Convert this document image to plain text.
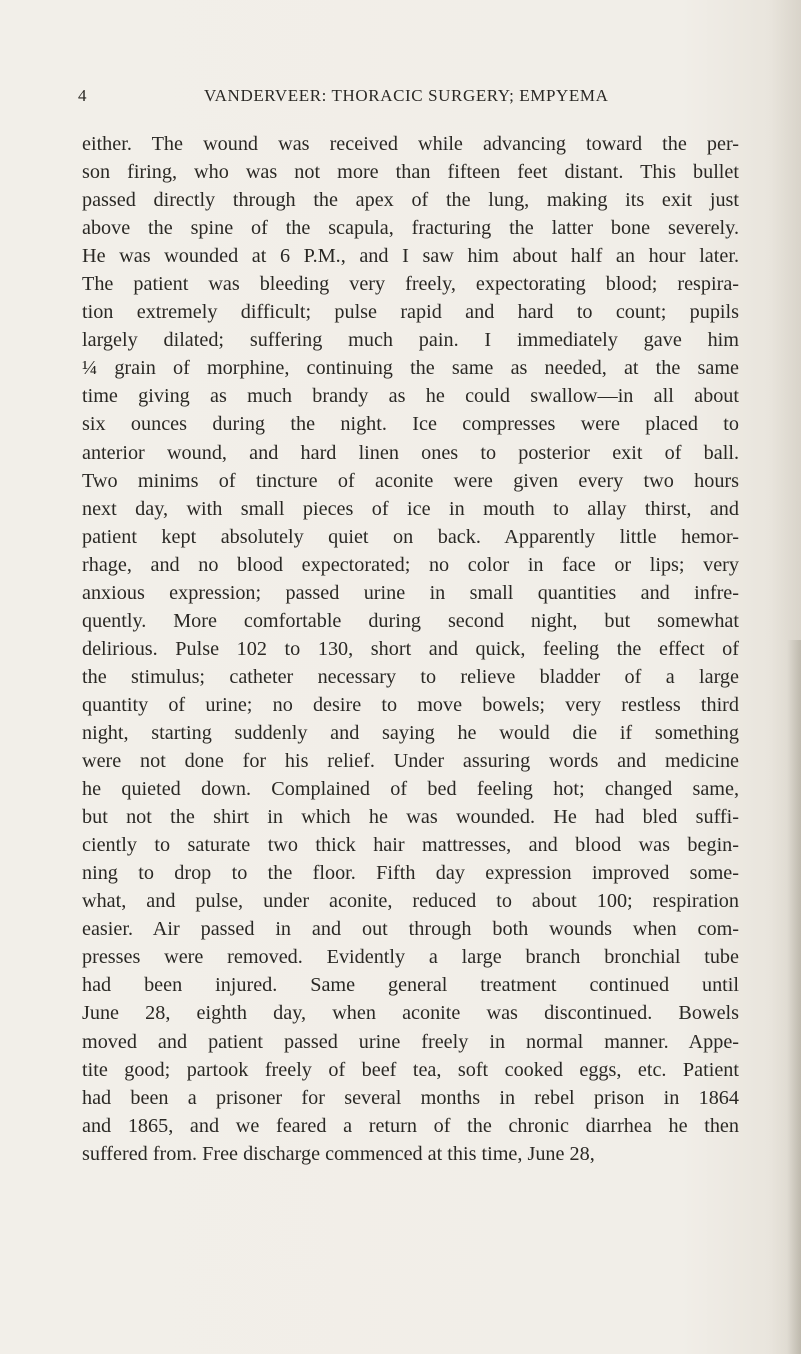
4	VANDERVEER: THORACIC SURGERY; EMPYEMA
either. The wound was received while advancing toward the per-
son firing, who was not more than fifteen feet distant. This bullet
passed directly through the apex of the lung, making its exit just
above the spine of the scapula, fracturing the latter bone severely.
He was wounded at 6 P.M., and I saw him about half an hour later.
The patient was bleeding very freely, expectorating blood; respira-
tion extremely difficult; pulse rapid and hard to count; pupils
largely dilated; suffering much pain. I immediately gave him
¼ grain of morphine, continuing the same as needed, at the same
time giving as much brandy as he could swallow—in all about
six ounces during the night. Ice compresses were placed to
anterior wound, and hard linen ones to posterior exit of ball.
Two minims of tincture of aconite were given every two hours
next day, with small pieces of ice in mouth to allay thirst, and
patient kept absolutely quiet on back. Apparently little hemor-
rhage, and no blood expectorated; no color in face or lips; very
anxious expression; passed urine in small quantities and infre-
quently. More comfortable during second night, but somewhat
delirious. Pulse 102 to 130, short and quick, feeling the effect of
the stimulus; catheter necessary to relieve bladder of a large
quantity of urine; no desire to move bowels; very restless third
night, starting suddenly and saying he would die if something
were not done for his relief. Under assuring words and medicine
he quieted down. Complained of bed feeling hot; changed same,
but not the shirt in which he was wounded. He had bled suffi-
ciently to saturate two thick hair mattresses, and blood was begin-
ning to drop to the floor. Fifth day expression improved some-
what, and pulse, under aconite, reduced to about 100; respiration
easier. Air passed in and out through both wounds when com-
presses were removed. Evidently a large branch bronchial tube
had been injured. Same general treatment continued until
June 28, eighth day, when aconite was discontinued. Bowels
moved and patient passed urine freely in normal manner. Appe-
tite good; partook freely of beef tea, soft cooked eggs, etc. Patient
had been a prisoner for several months in rebel prison in 1864
and 1865, and we feared a return of the chronic diarrhea he then
suffered from. Free discharge commenced at this time, June 28,
